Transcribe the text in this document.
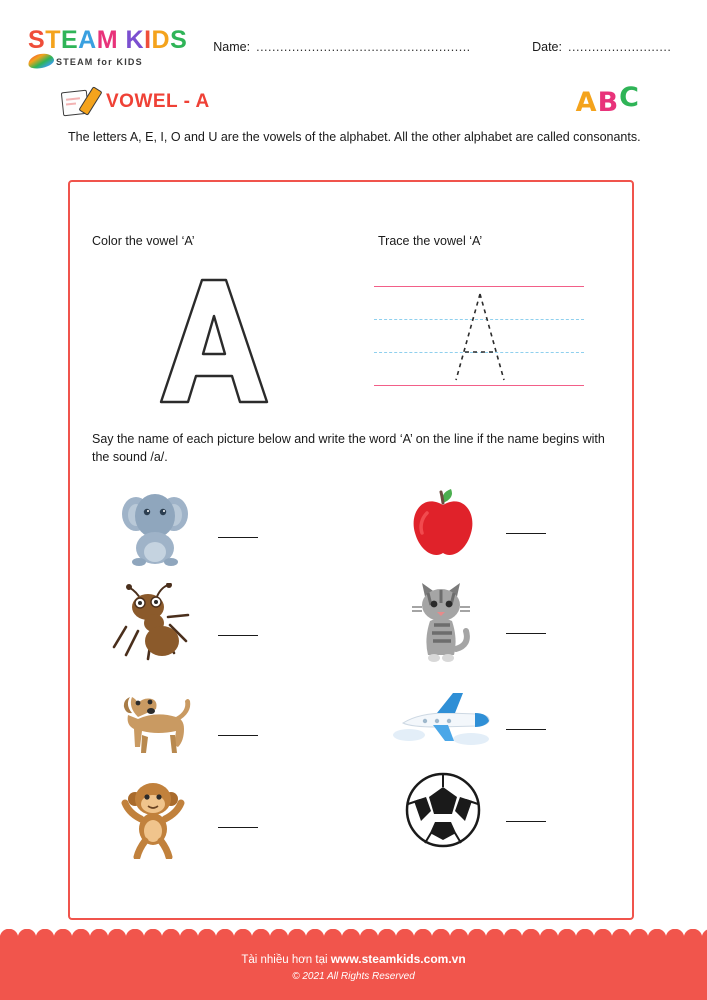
STEAM KIDS
STEAM for KIDS
Name: ......................................................	Date: ..........................
VOWEL - A	A B C
The letters A, E, I, O and U are the vowels of the alphabet. All the other alphabet are called consonants.
Color the vowel ‘A’	Trace the vowel ‘A’
Say the name of each picture below and write the word ‘A’ on the line if the name begins with the sound /a/.
Tài nhiều hơn tại www.steamkids.com.vn
© 2021 All Rights Reserved
